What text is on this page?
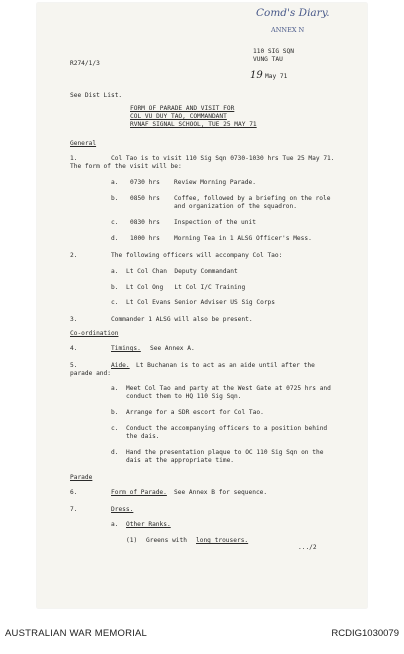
Comd's Diary.
ANNEX N
19
110 SIG SQN
VUNG TAU
R274/1/3
May 71
See Dist List.
FORM OF PARADE AND VISIT FOR
COL VU DUY TAO, COMMANDANT
RVNAF SIGNAL SCHOOL, TUE 25 MAY 71
General
1.	Col Tao is to visit 110 Sig Sqn 0730-1030 hrs Tue 25 May 71.
The form of the visit will be:
a. 0730 hrs Review Morning Parade.
b. 0850 hrs Coffee, followed by a briefing on the role
and organization of the squadron.
c. 0830 hrs Inspection of the unit
d. 1000 hrs Morning Tea in 1 ALSG Officer's Mess.
2.	The following officers will accompany Col Tao:
a. Lt Col Chan  Deputy Commandant
b. Lt Col Ong   Lt Col I/C Training
c. Lt Col Evans Senior Adviser US Sig Corps
3.	Commander 1 ALSG will also be present.
Co-ordination
4.	Timings. See Annex A.
5.	Aide. Lt Buchanan is to act as an aide until after the
parade and:
a. Meet Col Tao and party at the West Gate at 0725 hrs and
conduct them to HQ 110 Sig Sqn.
b. Arrange for a SDR escort for Col Tao.
c. Conduct the accompanying officers to a position behind
the dais.
d. Hand the presentation plaque to OC 110 Sig Sqn on the
dais at the appropriate time.
Parade
6.	Form of Parade. See Annex B for sequence.
7.	Dress.
a. Other Ranks.
(1) Greens with long trousers.
.../2
AUSTRALIAN WAR MEMORIAL	RCDIG1030079
